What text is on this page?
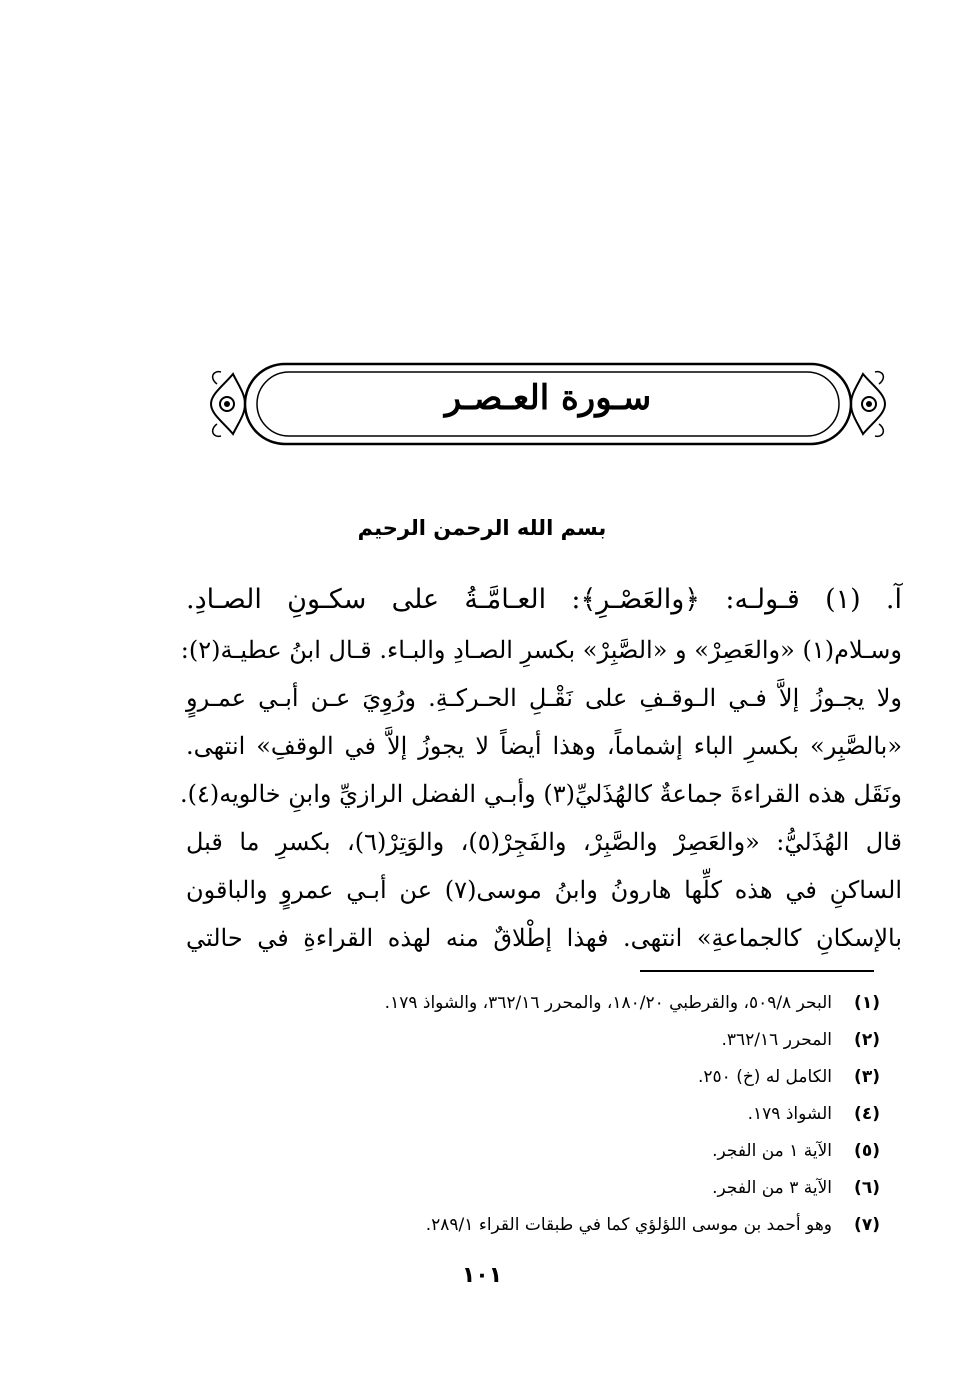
سـورة العـصـر
بسم الله الرحمن الرحيم
آ. (١) قـولـه: ﴿والعَصْـرِ﴾: العـامَّـةُ على سكـونِ الصـادِ.
وسـلام(١) «والعَصِرْ» و «الصَّبِرْ» بكسرِ الصـادِ والبـاء. قـال ابنُ عطيـة(٢):
ولا يجـوزُ إلاَّ فـي الـوقـفِ على نَقْـلِ الحـركـةِ. ورُوِيَ عـن أبـي عمـروٍ
«بالصَّبِر» بكسرِ الباء إشماماً، وهذا أيضاً لا يجوزُ إلاَّ في الوقفِ» انتهى.
ونَقَل هذه القراءةَ جماعةٌ كالهُذَليِّ(٣) وأبـي الفضل الرازيِّ وابنِ خالويه(٤).
قال الهُذَليُّ: «والعَصِرْ والصَّبِرْ، والفَجِرْ(٥)، والوَتِرْ(٦)، بكسرِ ما قبل
الساكنِ في هذه كلِّها هارونُ وابنُ موسى(٧) عن أبـي عمروٍ والباقون
بالإسكانِ كالجماعةِ» انتهى. فهذا إطْلاقٌ منه لهذه القراءةِ في حالتي
(١)
البحر ٥٠٩/٨، والقرطبي ١٨٠/٢٠، والمحرر ٣٦٢/١٦، والشواذ ١٧٩.
(٢)
المحرر ٣٦٢/١٦.
(٣)
الكامل له (خ) ٢٥٠.
(٤)
الشواذ ١٧٩.
(٥)
الآية ١ من الفجر.
(٦)
الآية ٣ من الفجر.
(٧)
وهو أحمد بن موسى اللؤلؤي كما في طبقات القراء ٢٨٩/١.
١٠١
